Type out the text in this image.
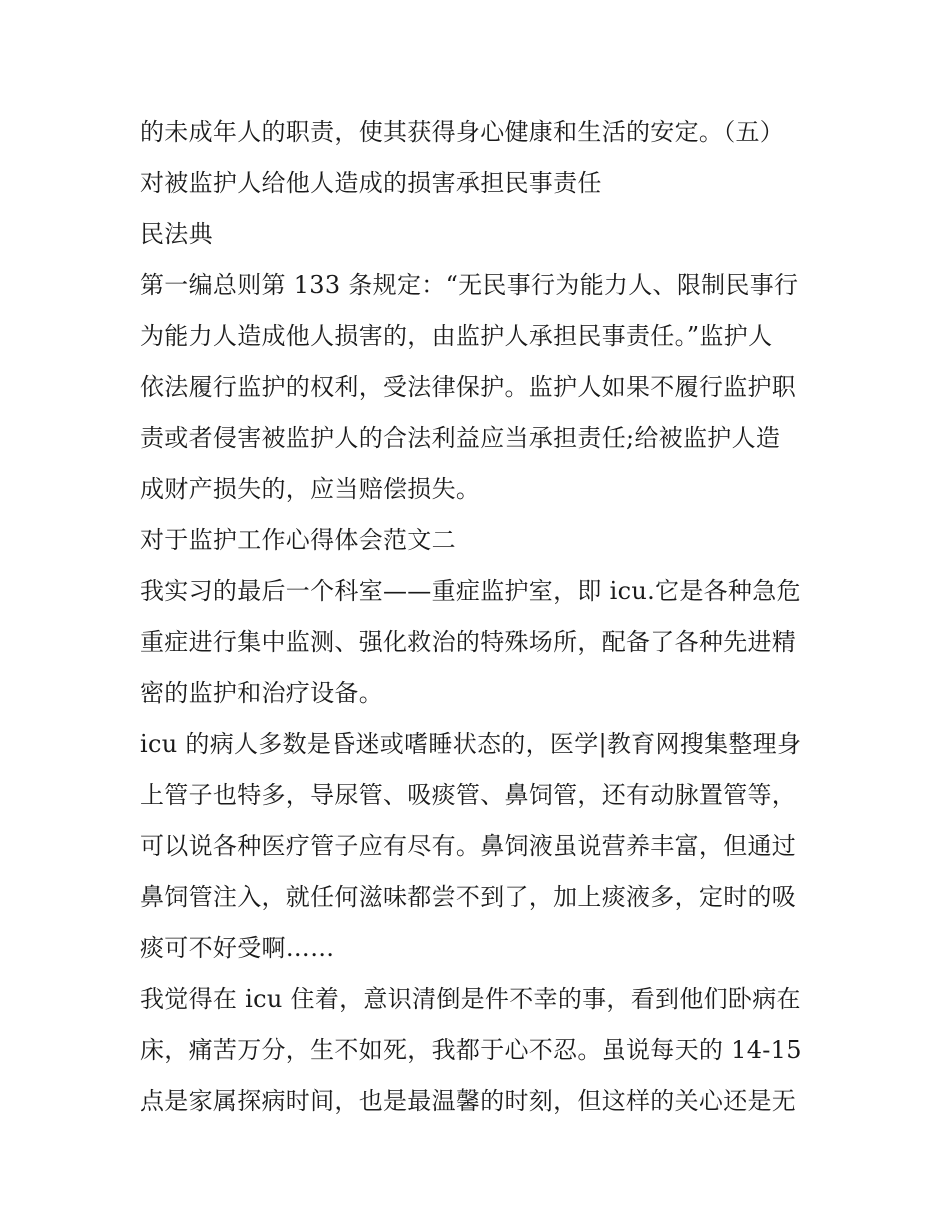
的未成年人的职责，使其获得身心健康和生活的安定。（五）
对被监护人给他人造成的损害承担民事责任
民法典
第一编总则第 133 条规定：“无民事行为能力人、限制民事行
为能力人造成他人损害的，由监护人承担民事责任。”监护人
依法履行监护的权利，受法律保护。监护人如果不履行监护职
责或者侵害被监护人的合法利益应当承担责任;给被监护人造
成财产损失的，应当赔偿损失。
对于监护工作心得体会范文二
我实习的最后一个科室——重症监护室，即 icu.它是各种急危
重症进行集中监测、强化救治的特殊场所，配备了各种先进精
密的监护和治疗设备。
icu 的病人多数是昏迷或嗜睡状态的，医学|教育网搜集整理身
上管子也特多，导尿管、吸痰管、鼻饲管，还有动脉置管等，
可以说各种医疗管子应有尽有。鼻饲液虽说营养丰富，但通过
鼻饲管注入，就任何滋味都尝不到了，加上痰液多，定时的吸
痰可不好受啊……
我觉得在 icu 住着，意识清倒是件不幸的事，看到他们卧病在
床，痛苦万分，生不如死，我都于心不忍。虽说每天的 14-15
点是家属探病时间，也是最温馨的时刻，但这样的关心还是无
